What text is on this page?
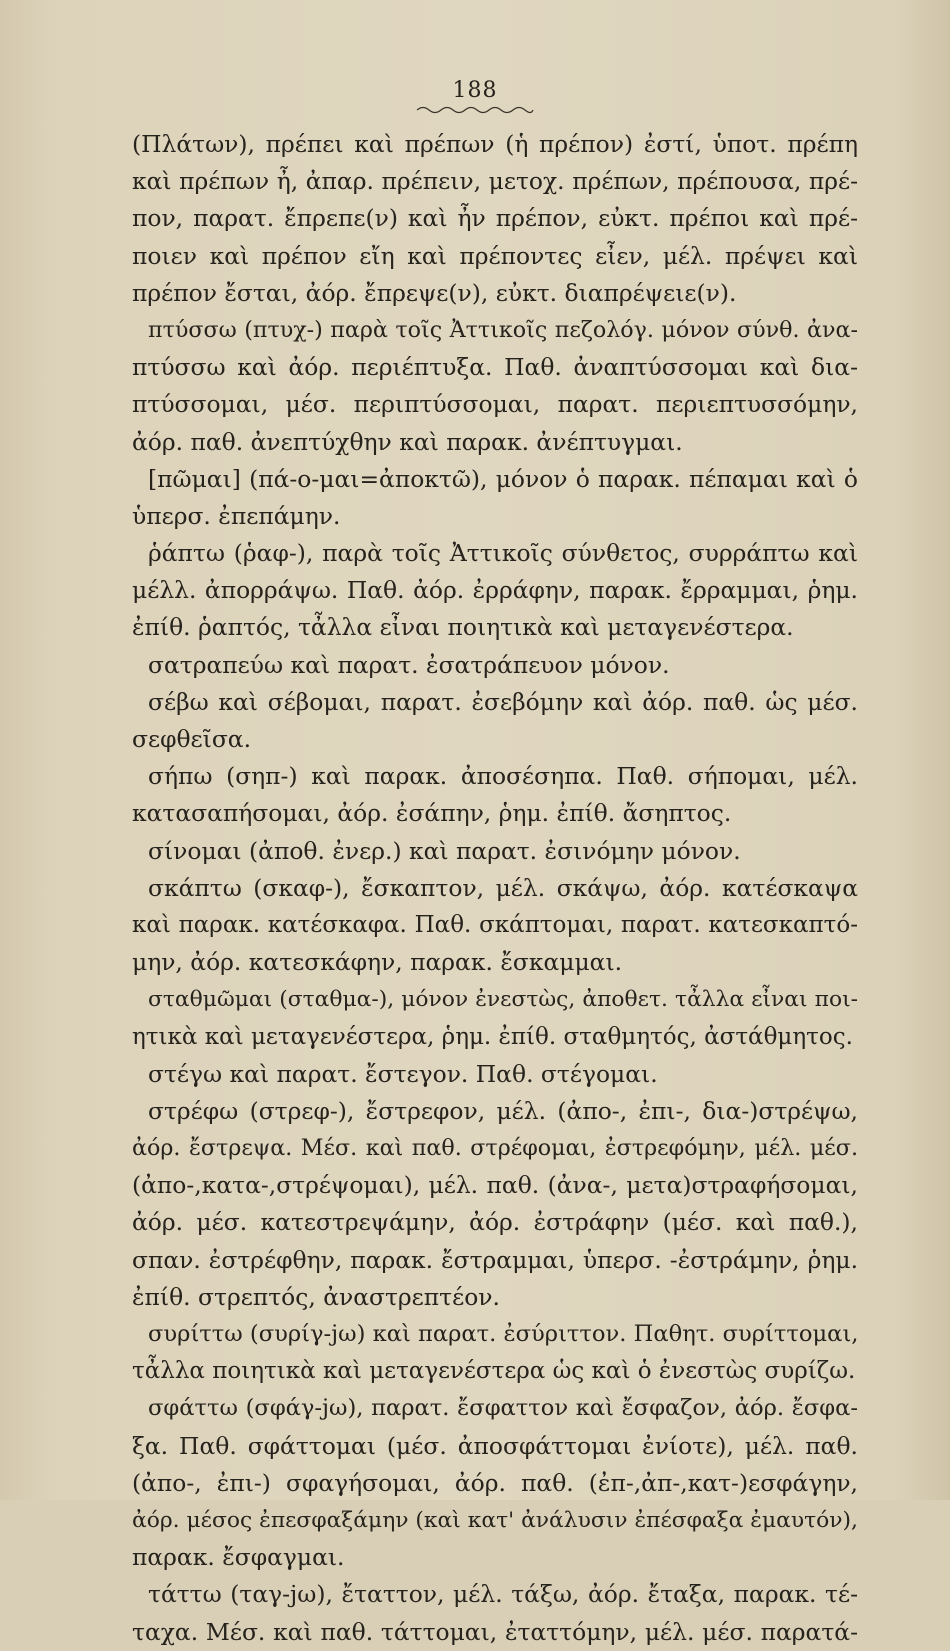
188
(Πλάτων), πρέπει καὶ πρέπων (ἡ πρέπον) ἐστί, ὑποτ. πρέπη
καὶ πρέπων ἦ, ἀπαρ. πρέπειν, μετοχ. πρέπων, πρέπουσα, πρέ-
πον, παρατ. ἔπρεπε(ν) καὶ ἦν πρέπον, εὐκτ. πρέποι καὶ πρέ-
ποιεν καὶ πρέπον εἴη καὶ πρέποντες εἶεν, μέλ. πρέψει καὶ
πρέπον ἔσται, ἀόρ. ἔπρεψε(ν), εὐκτ. διαπρέψειε(ν).
πτύσσω (πτυχ-) παρὰ τοῖς Ἀττικοῖς πεζολόγ. μόνον σύνθ. ἀνα-
πτύσσω καὶ ἀόρ. περιέπτυξα. Παθ. ἀναπτύσσομαι καὶ δια-
πτύσσομαι, μέσ. περιπτύσσομαι, παρατ. περιεπτυσσόμην,
ἀόρ. παθ. ἀνεπτύχθην καὶ παρακ. ἀνέπτυγμαι.
[πῶμαι] (πά-ο-μαι=ἀποκτῶ), μόνον ὁ παρακ. πέπαμαι καὶ ὁ
ὑπερσ. ἐπεπάμην.
ῥάπτω (ῥαφ-), παρὰ τοῖς Ἀττικοῖς σύνθετος, συρράπτω καὶ
μέλλ. ἀπορράψω. Παθ. ἀόρ. ἐρράφην, παρακ. ἔρραμμαι, ῥημ.
ἐπίθ. ῥαπτός, τἆλλα εἶναι ποιητικὰ καὶ μεταγενέστερα.
σατραπεύω καὶ παρατ. ἐσατράπευον μόνον.
σέβω καὶ σέβομαι, παρατ. ἐσεβόμην καὶ ἀόρ. παθ. ὡς μέσ.
σεφθεῖσα.
σήπω (σηπ-) καὶ παρακ. ἀποσέσηπα. Παθ. σήπομαι, μέλ.
κατασαπήσομαι, ἀόρ. ἐσάπην, ῥημ. ἐπίθ. ἄσηπτος.
σίνομαι (ἀποθ. ἐνερ.) καὶ παρατ. ἐσινόμην μόνον.
σκάπτω (σκαφ-), ἔσκαπτον, μέλ. σκάψω, ἀόρ. κατέσκαψα
καὶ παρακ. κατέσκαφα. Παθ. σκάπτομαι, παρατ. κατεσκαπτό-
μην, ἀόρ. κατεσκάφην, παρακ. ἔσκαμμαι.
σταθμῶμαι (σταθμα-), μόνον ἐνεστὼς, ἀποθετ. τἆλλα εἶναι ποι-
ητικὰ καὶ μεταγενέστερα, ῥημ. ἐπίθ. σταθμητός, ἀστάθμητος.
στέγω καὶ παρατ. ἔστεγον. Παθ. στέγομαι.
στρέφω (στρεφ-), ἔστρεφον, μέλ. (ἀπο-, ἐπι-, δια-)στρέψω,
ἀόρ. ἔστρεψα. Μέσ. καὶ παθ. στρέφομαι, ἐστρεφόμην, μέλ. μέσ.
(ἀπο-,κατα-,στρέψομαι), μέλ. παθ. (ἀνα-, μετα)στραφήσομαι,
ἀόρ. μέσ. κατεστρεψάμην, ἀόρ. ἐστράφην (μέσ. καὶ παθ.),
σπαν. ἐστρέφθην, παρακ. ἔστραμμαι, ὑπερσ. -ἐστράμην, ῥημ.
ἐπίθ. στρεπτός, ἀναστρεπτέον.
συρίττω (συρίγ-jω) καὶ παρατ. ἐσύριττον. Παθητ. συρίττομαι,
τἆλλα ποιητικὰ καὶ μεταγενέστερα ὡς καὶ ὁ ἐνεστὼς συρίζω.
σφάττω (σφάγ-jω), παρατ. ἔσφαττον καὶ ἔσφαζον, ἀόρ. ἔσφα-
ξα. Παθ. σφάττομαι (μέσ. ἀποσφάττομαι ἐνίοτε), μέλ. παθ.
(ἀπο-, ἐπι-) σφαγήσομαι, ἀόρ. παθ. (ἐπ-,ἀπ-,κατ-)εσφάγην,
ἀόρ. μέσος ἐπεσφαξάμην (καὶ κατ' ἀνάλυσιν ἐπέσφαξα ἐμαυτόν),
παρακ. ἔσφαγμαι.
τάττω (ταγ-jω), ἔταττον, μέλ. τάξω, ἀόρ. ἔταξα, παρακ. τέ-
ταχα. Μέσ. καὶ παθ. τάττομαι, ἐταττόμην, μέλ. μέσ. παρατά-
